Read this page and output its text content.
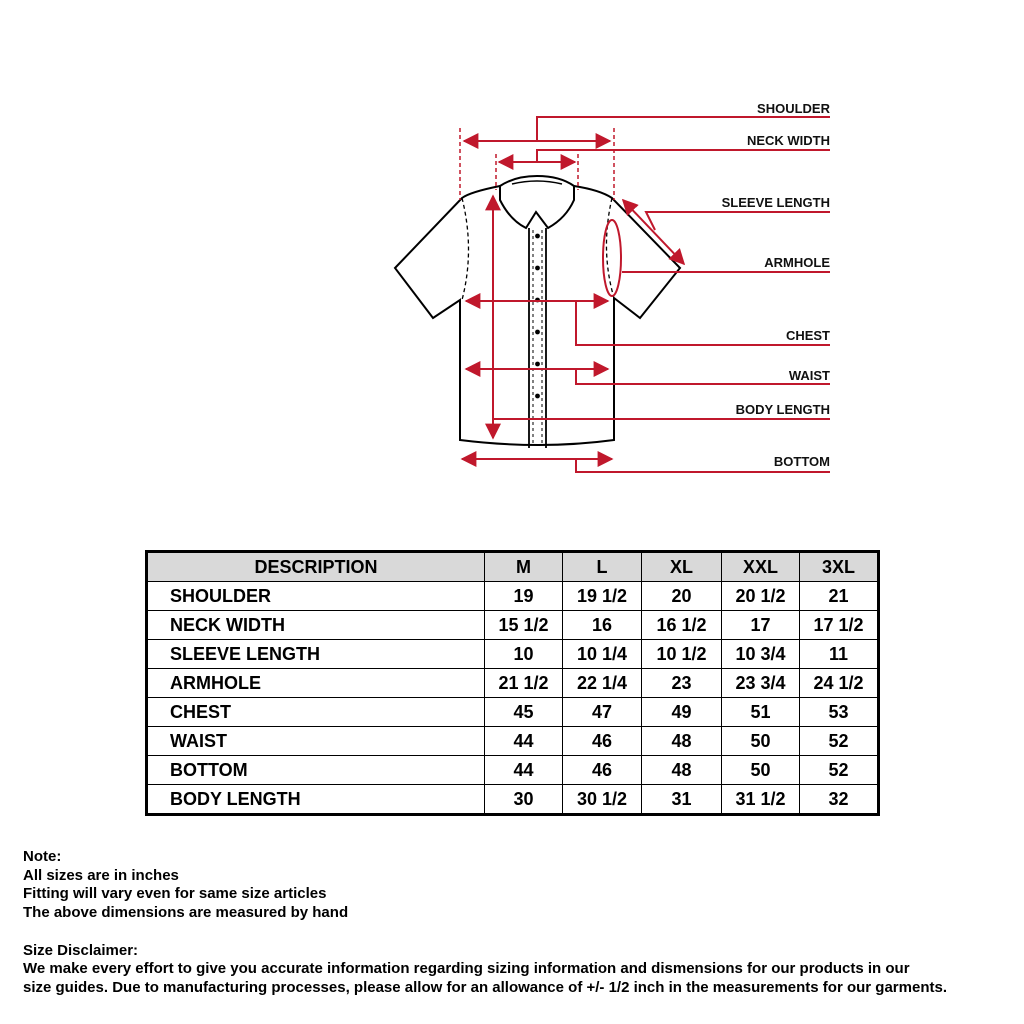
SHOULDER
NECK WIDTH
SLEEVE LENGTH
ARMHOLE
CHEST
WAIST
BODY LENGTH
BOTTOM
DESCRIPTION	M	L	XL	XXL	3XL
SHOULDER	19	19 1/2	20	20 1/2	21
NECK WIDTH	15 1/2	16	16 1/2	17	17 1/2
SLEEVE LENGTH	10	10 1/4	10 1/2	10 3/4	11
ARMHOLE	21 1/2	22 1/4	23	23 3/4	24 1/2
CHEST	45	47	49	51	53
WAIST	44	46	48	50	52
BOTTOM	44	46	48	50	52
BODY LENGTH	30	30 1/2	31	31 1/2	32

Note:

All sizes are in inches

Fitting will vary even for same size articles

The above dimensions are measured by hand

Size Disclaimer:

We make every effort to give you accurate information regarding sizing information and dismensions for our products in our

size guides. Due to manufacturing processes, please allow for an allowance of +/- 1/2 inch in the measurements for our garments.
